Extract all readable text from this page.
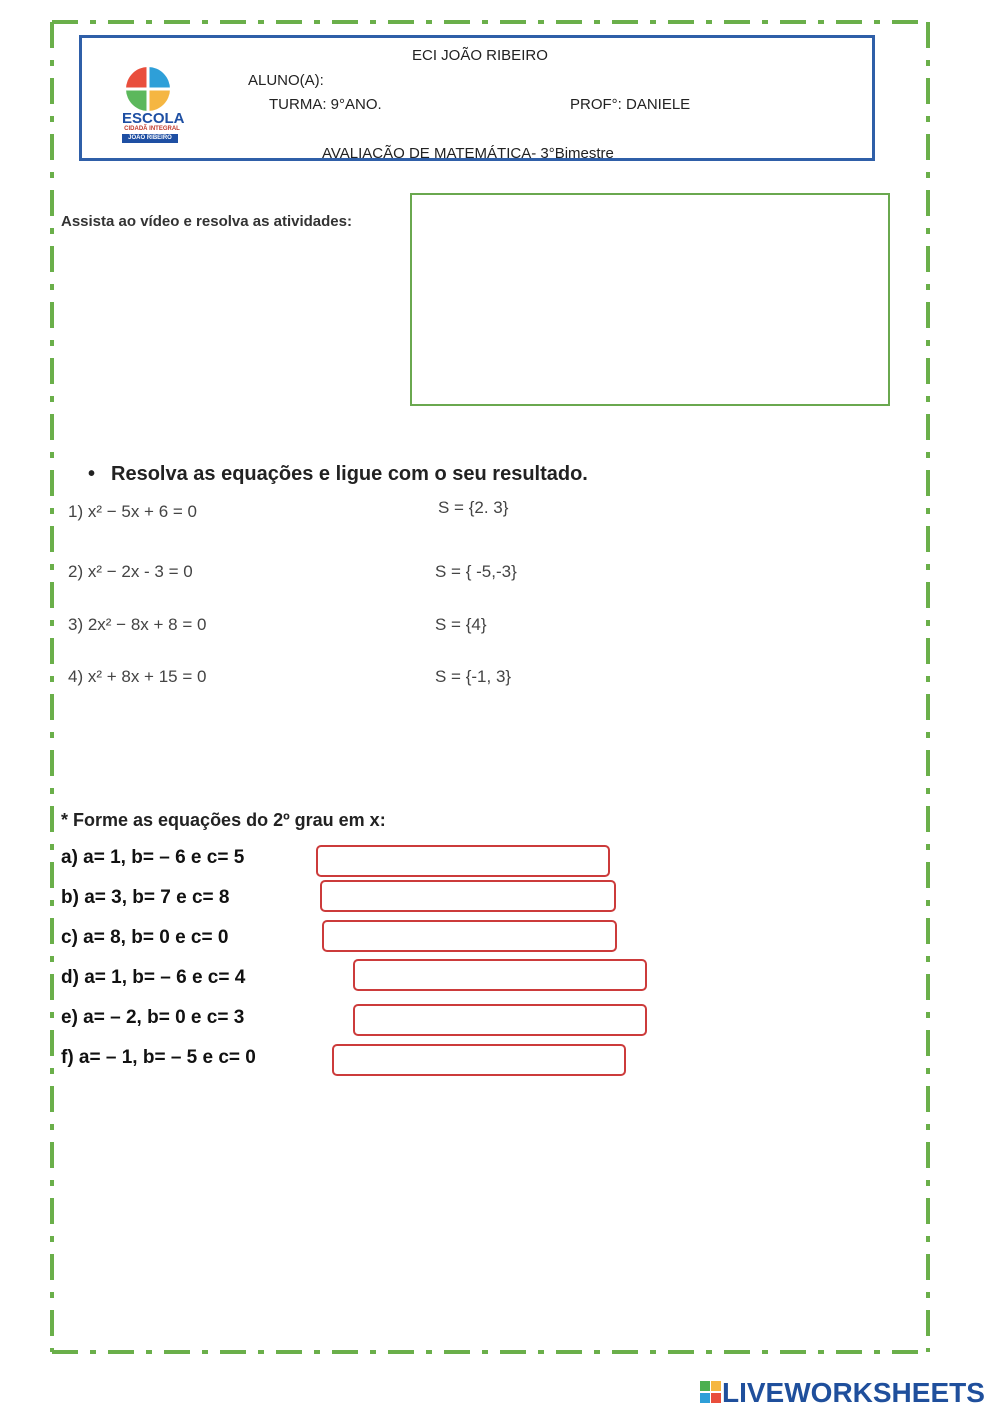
ESCOLA
CIDADÃ INTEGRAL
JOÃO RIBEIRO
ECI JOÃO RIBEIRO
ALUNO(A):
TURMA: 9°ANO.	PROF°: DANIELE
AVALIACÃO DE MATEMÁTICA- 3°Bimestre
Assista ao vídeo e resolva as atividades:
• Resolva as equações e ligue com o seu resultado.
1) x² − 5x + 6 = 0	S = {2. 3}
2) x² − 2x - 3 = 0	S = { -5,-3}
3) 2x² − 8x + 8 = 0	S = {4}
4) x² + 8x + 15 = 0	S = {-1, 3}
* Forme as equações do 2º grau em x:
a) a= 1, b= – 6 e c= 5
b) a= 3, b= 7 e c= 8
c) a= 8, b= 0 e c= 0
d) a= 1, b= – 6 e c= 4
e) a= – 2, b= 0 e c= 3
f) a= – 1, b= – 5 e c= 0
LIVEWORKSHEETS
